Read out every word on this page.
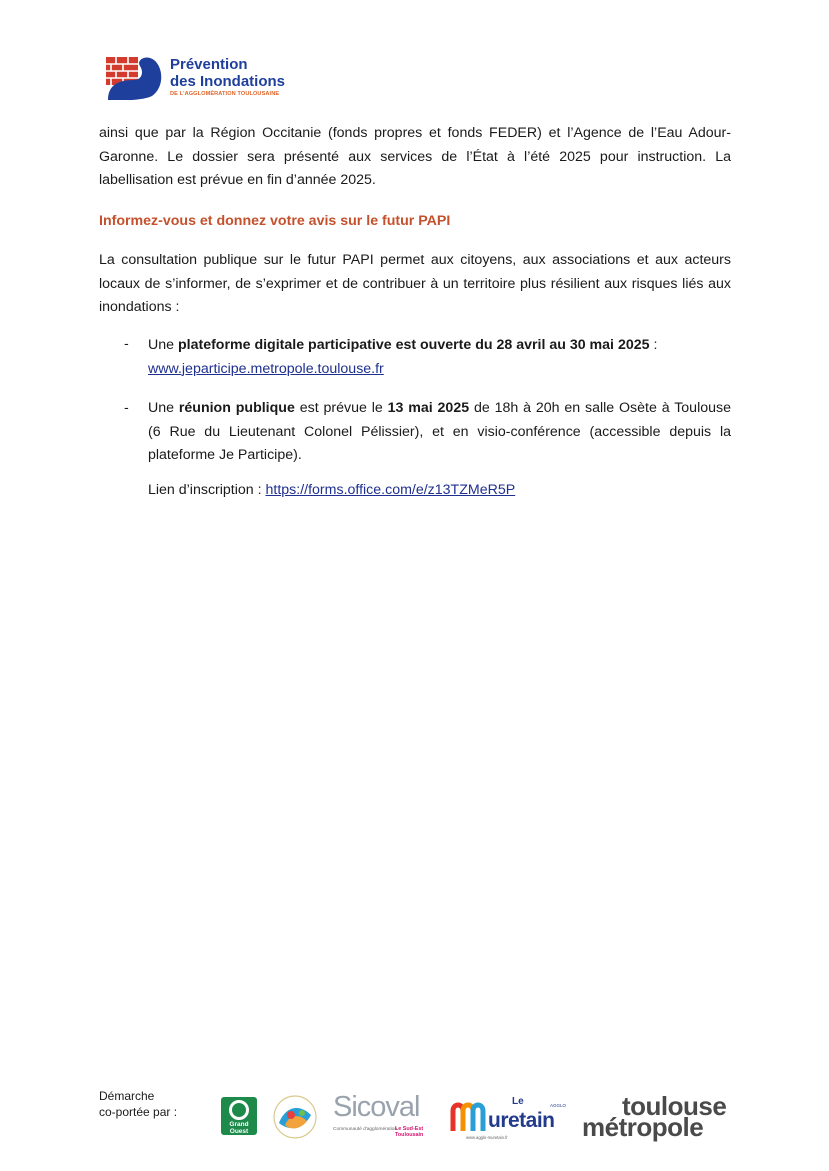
Prévention
des Inondations
DE L'AGGLOMÉRATION TOULOUSAINE
ainsi que par la Région Occitanie (fonds propres et fonds FEDER) et l’Agence de l’Eau Adour-Garonne. Le dossier sera présenté aux services de l’État à l’été 2025 pour instruction. La labellisation est prévue en fin d’année 2025.
Informez-vous et donnez votre avis sur le futur PAPI
La consultation publique sur le futur PAPI permet aux citoyens, aux associations et aux acteurs locaux de s’informer, de s’exprimer et de contribuer à un territoire plus résilient aux risques liés aux inondations :
- Une plateforme digitale participative est ouverte du 28 avril au 30 mai 2025 :
www.jeparticipe.metropole.toulouse.fr
- Une réunion publique est prévue le 13 mai 2025 de 18h à 20h en salle Osète à Toulouse (6 Rue du Lieutenant Colonel Pélissier), et en visio-conférence (accessible depuis la plateforme Je Participe).
Lien d’inscription : https://forms.office.com/e/z13TZMeR5P
Démarche
co-portée par :
Grand
Ouest
Sicoval
Communauté d'agglomération
Le Sud-Est
Toulousain
Le	AGGLO
uretain
www.agglo-muretain.fr
toulouse
métropole
